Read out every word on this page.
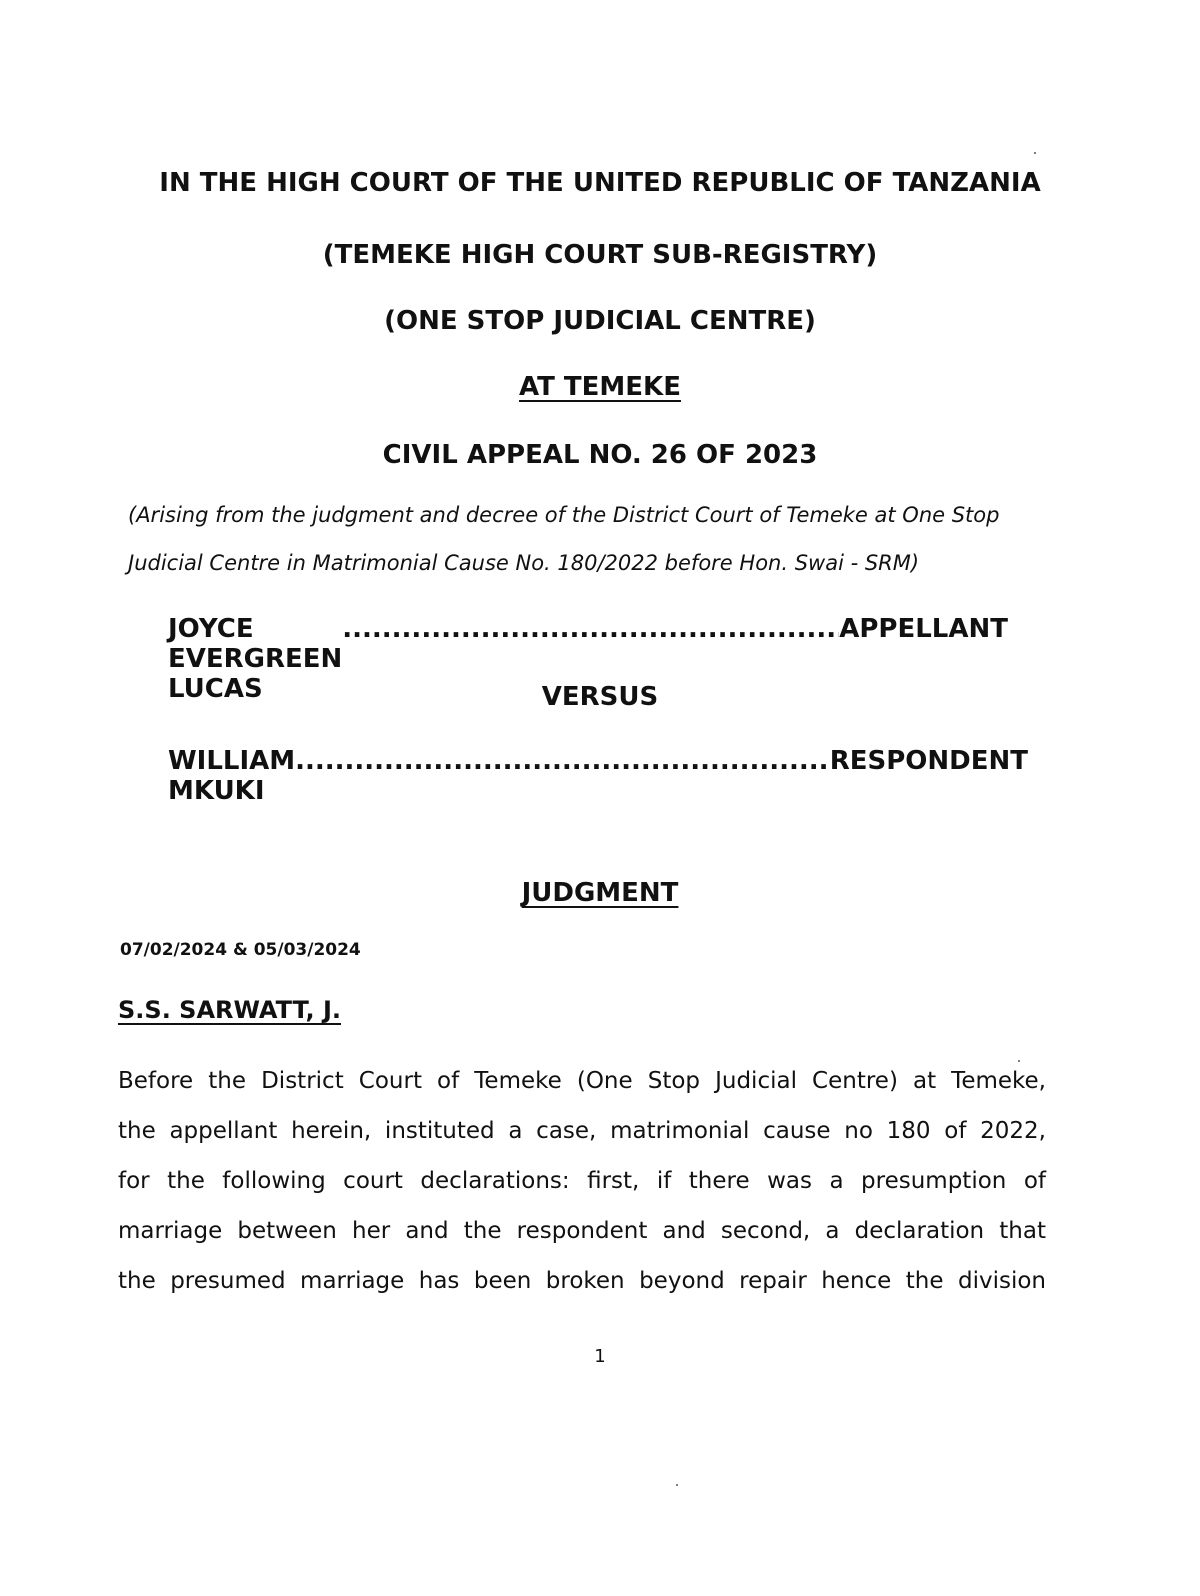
IN THE HIGH COURT OF THE UNITED REPUBLIC OF TANZANIA
(TEMEKE HIGH COURT SUB-REGISTRY)
(ONE STOP JUDICIAL CENTRE)
AT TEMEKE
CIVIL APPEAL NO. 26 OF 2023
(Arising from the judgment and decree of the District Court of Temeke at One Stop
Judicial Centre in Matrimonial Cause No. 180/2022 before Hon. Swai - SRM)
JOYCE EVERGREEN LUCAS
.....
APPELLANT
VERSUS
WILLIAM MKUKI
.....
RESPONDENT
JUDGMENT
07/02/2024 & 05/03/2024
S.S. SARWATT, J.

Before the District Court of Temeke (One Stop Judicial Centre) at Temeke,

the appellant herein, instituted a case, matrimonial cause no 180 of 2022,

for the following court declarations: first, if there was a presumption of

marriage between her and the respondent and second, a declaration that

the presumed marriage has been broken beyond repair hence the division

1
